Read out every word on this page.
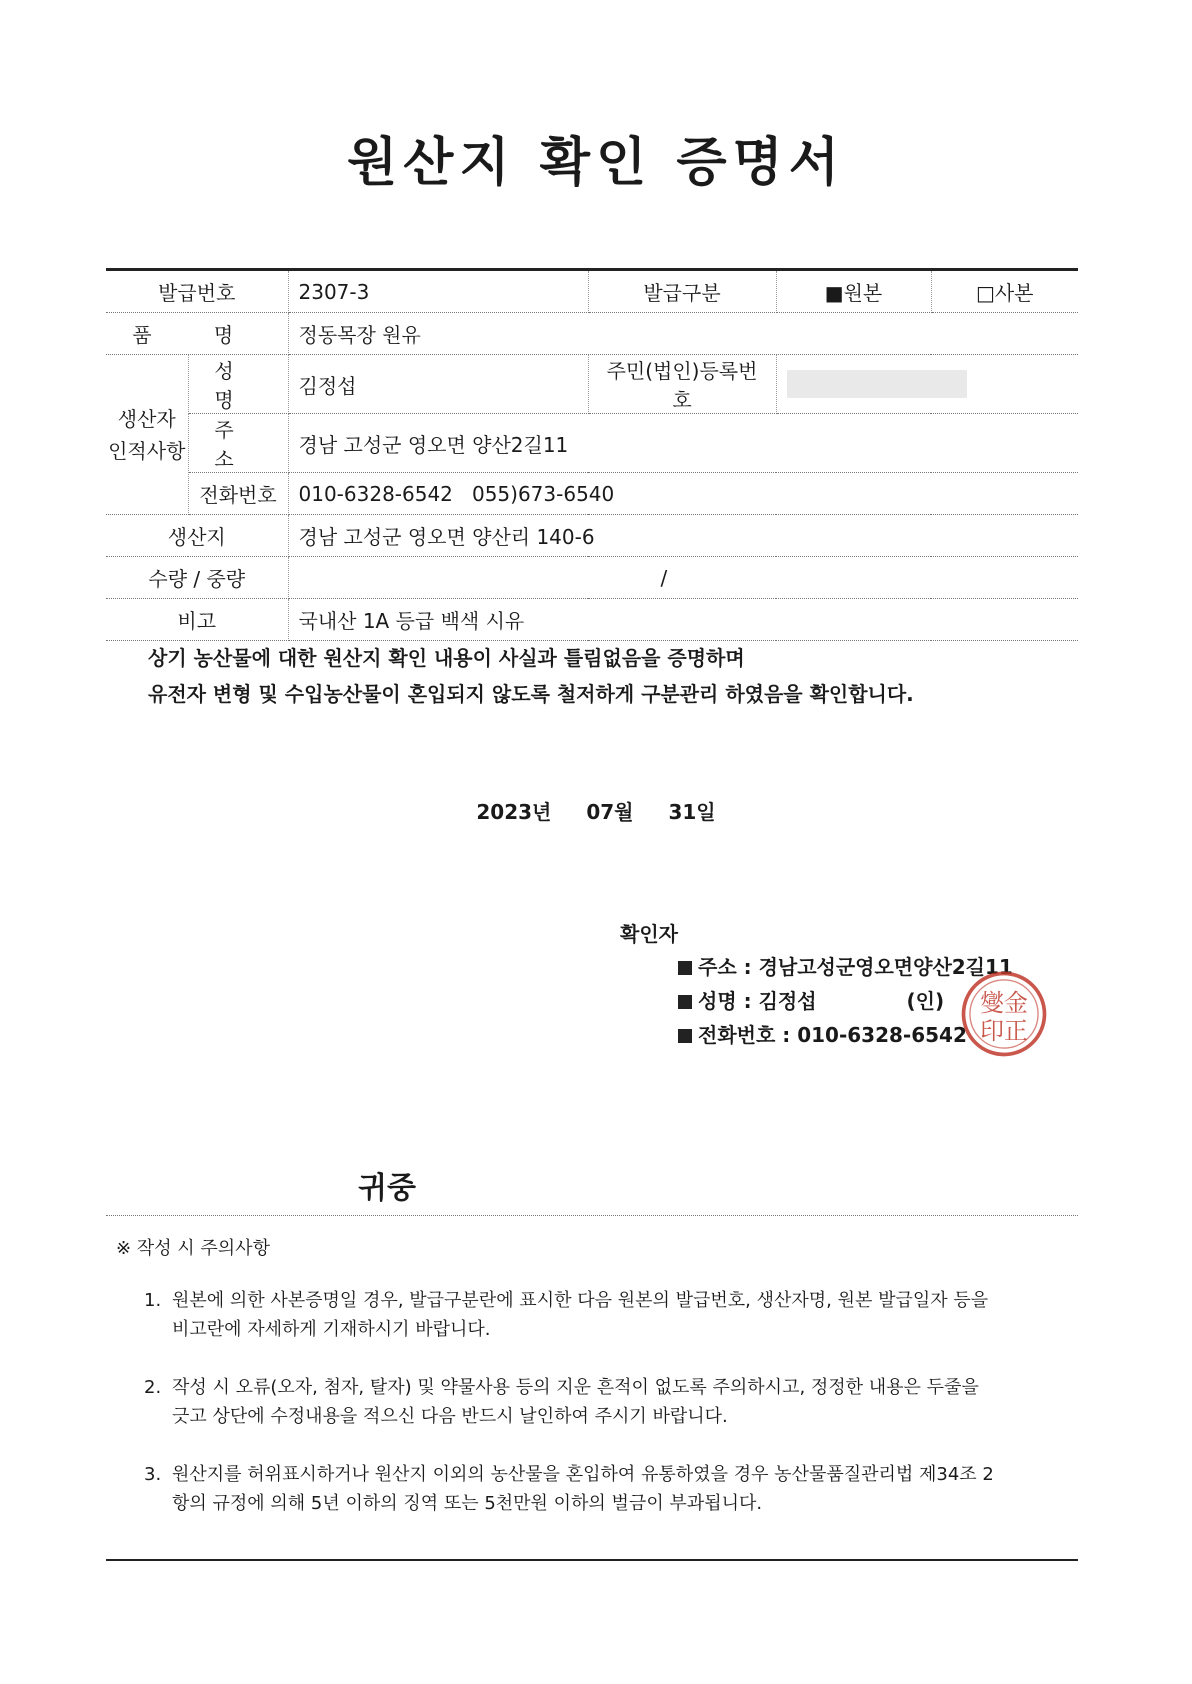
원산지 확인 증명서
발급번호		2307-3	발급구분	■원본	□사본
품 명		정동목장 원유			

생산자
인적사항	성 명	김정섭	주민(법인)등록번호		
	주 소	경남 고성군 영오면 양산2길11			
	전화번호	010-6328-6542   055)673-6540			
생산지		경남 고성군 영오면 양산리 140-6			
수량 / 중량		/			
비고		국내산 1A 등급 백색 시유			
상기 농산물에 대한 원산지 확인 내용이 사실과 틀림없음을 증명하며
유전자 변형 및 수입농산물이 혼입되지 않도록 철저하게 구분관리 하였음을 확인합니다.
2023년 07월 31일
확인자
주소 : 경남고성군영오면양산2길11
성명 : 김정섭	(인)
전화번호 : 010-6328-6542
燮金
印正
귀중
※ 작성 시 주의사항
1. 원본에 의한 사본증명일 경우, 발급구분란에 표시한 다음 원본의 발급번호, 생산자명, 원본 발급일자 등을
비고란에 자세하게 기재하시기 바랍니다.
2. 작성 시 오류(오자, 첨자, 탈자) 및 약물사용 등의 지운 흔적이 없도록 주의하시고, 정정한 내용은 두줄을
긋고 상단에 수정내용을 적으신 다음 반드시 날인하여 주시기 바랍니다.
3. 원산지를 허위표시하거나 원산지 이외의 농산물을 혼입하여 유통하였을 경우 농산물품질관리법 제34조 2
항의 규정에 의해 5년 이하의 징역 또는 5천만원 이하의 벌금이 부과됩니다.
